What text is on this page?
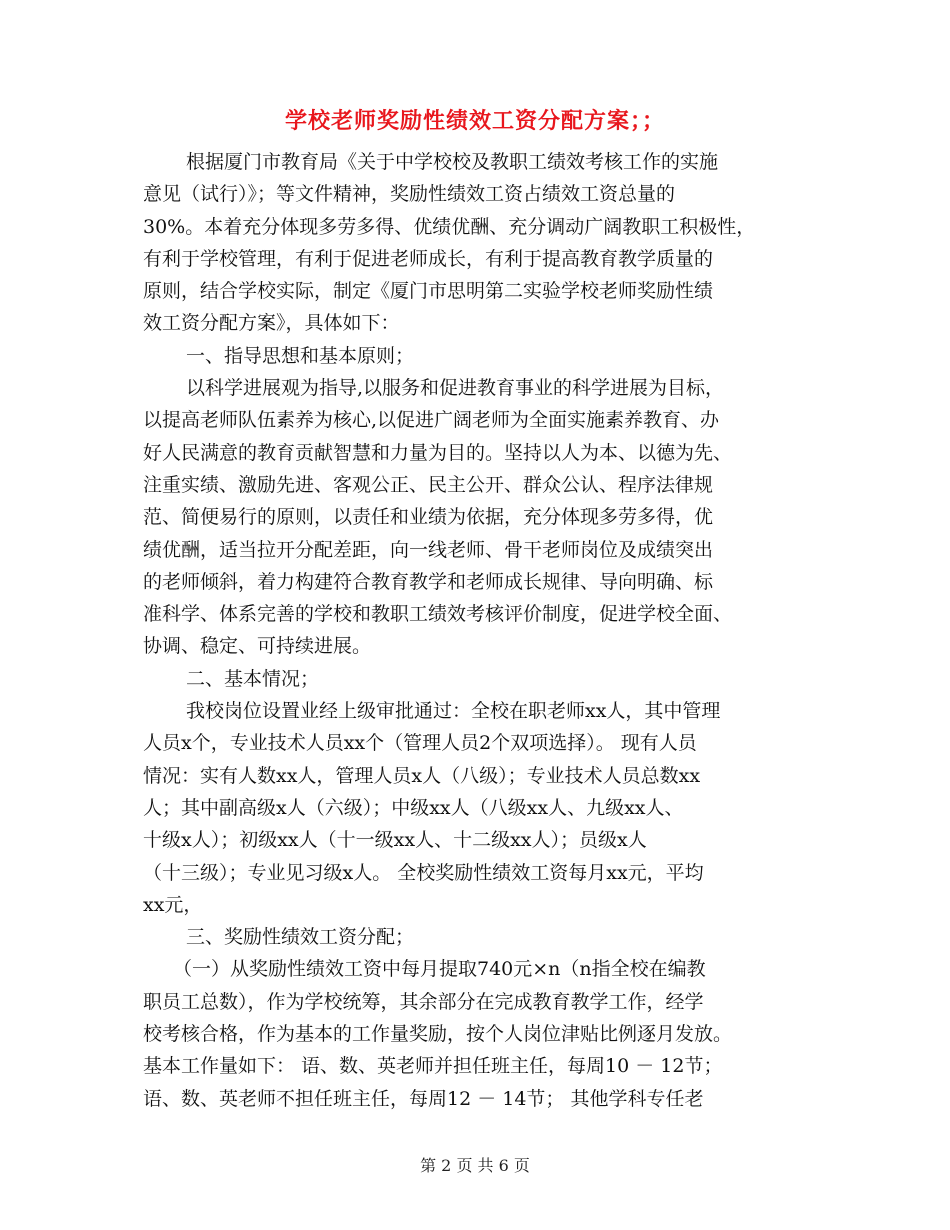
学校老师奖励性绩效工资分配方案；；
根据厦门市教育局《关于中学校校及教职工绩效考核工作的实施
意见（试行）》；等文件精神，奖励性绩效工资占绩效工资总量的
30%。本着充分体现多劳多得、优绩优酬、充分调动广阔教职工积极性，
有利于学校管理，有利于促进老师成长，有利于提高教育教学质量的
原则，结合学校实际，制定《厦门市思明第二实验学校老师奖励性绩
效工资分配方案》，具体如下：
一、指导思想和基本原则；
以科学进展观为指导,以服务和促进教育事业的科学进展为目标，
以提高老师队伍素养为核心,以促进广阔老师为全面实施素养教育、办
好人民满意的教育贡献智慧和力量为目的。坚持以人为本、以德为先、
注重实绩、激励先进、客观公正、民主公开、群众公认、程序法律规
范、简便易行的原则，以责任和业绩为依据，充分体现多劳多得，优
绩优酬，适当拉开分配差距，向一线老师、骨干老师岗位及成绩突出
的老师倾斜，着力构建符合教育教学和老师成长规律、导向明确、标
准科学、体系完善的学校和教职工绩效考核评价制度，促进学校全面、
协调、稳定、可持续进展。
二、基本情况；
我校岗位设置业经上级审批通过：全校在职老师xx人，其中管理
人员x个，专业技术人员xx个（管理人员2个双项选择）。 现有人员
情况：实有人数xx人，管理人员x人（八级）；专业技术人员总数xx
人；其中副高级x人（六级）；中级xx人（八级xx人、九级xx人、
十级x人）；初级xx人（十一级xx人、十二级xx人）；员级x人
（十三级）；专业见习级x人。 全校奖励性绩效工资每月xx元，平均
xx元，
三、奖励性绩效工资分配；
（一）从奖励性绩效工资中每月提取740元×n（n指全校在编教
职员工总数），作为学校统筹，其余部分在完成教育教学工作，经学
校考核合格，作为基本的工作量奖励，按个人岗位津贴比例逐月发放。
基本工作量如下： 语、数、英老师并担任班主任，每周10 － 12节；
语、数、英老师不担任班主任，每周12 － 14节； 其他学科专任老
第 2 页 共 6 页
